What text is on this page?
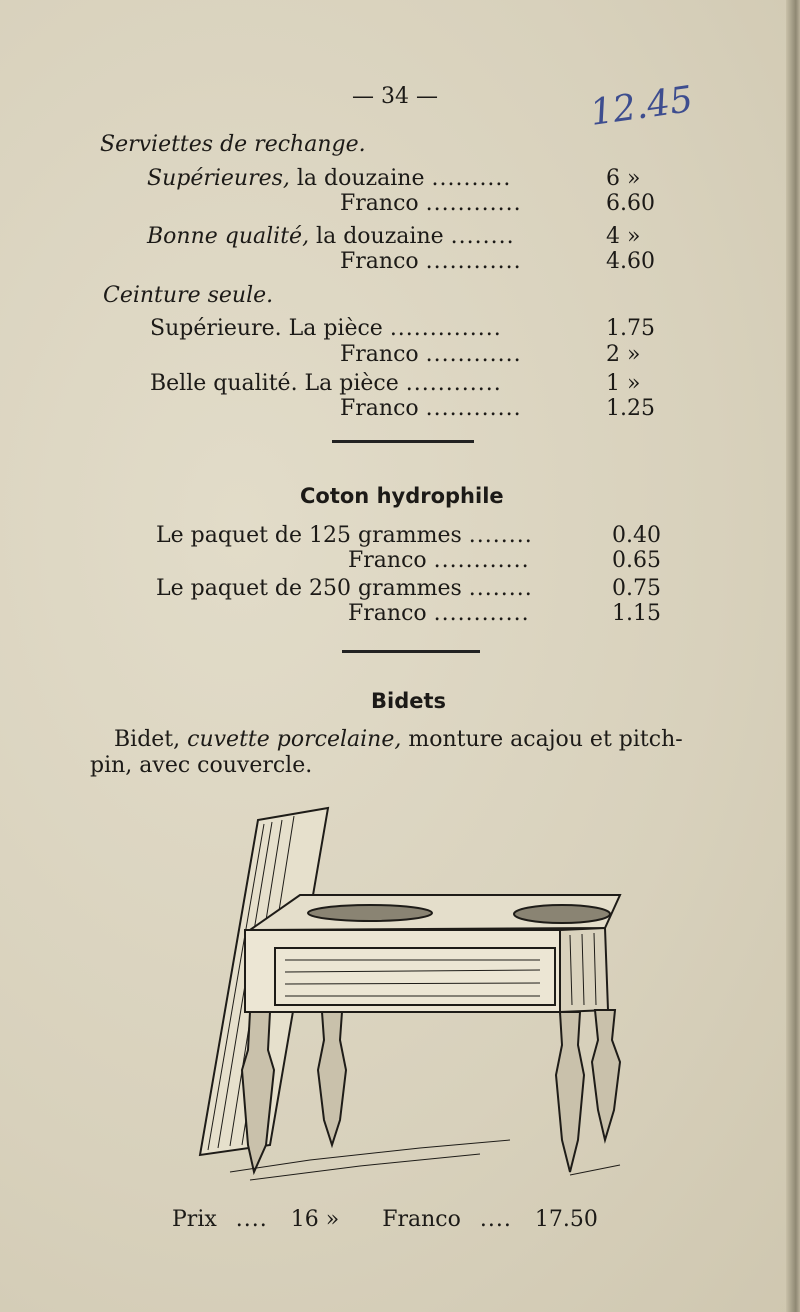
— 34 —	12.45
Serviettes de rechange.
Supérieures, la douzaine ..........	6 »
Franco ............	6.60
Bonne qualité, la douzaine ........	4 »
Franco ............	4.60
Ceinture seule.
Supérieure. La pièce ..............	1.75
Franco ............	2 »
Belle qualité. La pièce ............	1 »
Franco ............	1.25
Coton hydrophile
Le paquet de 125 grammes ........	0.40
Franco ............	0.65
Le paquet de 250 grammes ........	0.75
Franco ............	1.15
Bidets
Bidet, cuvette porcelaine, monture acajou et pitch-
pin, avec couvercle.
Prix .... 16 » Franco .... 17.50
